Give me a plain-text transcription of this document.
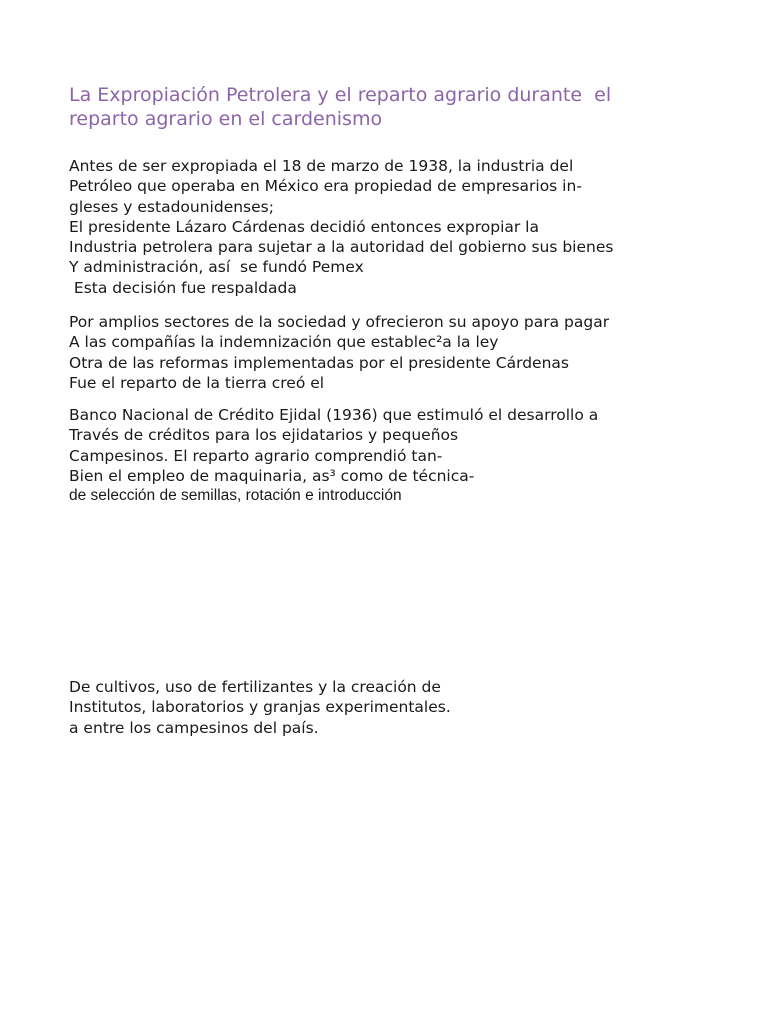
La Expropiación Petrolera y el reparto agrario durante  el
reparto agrario en el cardenismo

Antes de ser expropiada el 18 de marzo de 1938, la industria del
Petróleo que operaba en México era propiedad de empresarios in-
gleses y estadounidenses;
El presidente Lázaro Cárdenas decidió entonces expropiar la
Industria petrolera para sujetar a la autoridad del gobierno sus bienes
Y administración, así  se fundó Pemex
Esta decisión fue respaldada

Por amplios sectores de la sociedad y ofrecieron su apoyo para pagar
A las compañías la indemnización que establec²a la ley
Otra de las reformas implementadas por el presidente Cárdenas
Fue el reparto de la tierra creó el

Banco Nacional de Crédito Ejidal (1936) que estimuló el desarrollo a
Través de créditos para los ejidatarios y pequeños
Campesinos. El reparto agrario comprendió tan-
Bien el empleo de maquinaria, as³ como de técnica-
de selección de semillas, rotación e introducción

De cultivos, uso de fertilizantes y la creación de
Institutos, laboratorios y granjas experimentales.
a entre los campesinos del país.
